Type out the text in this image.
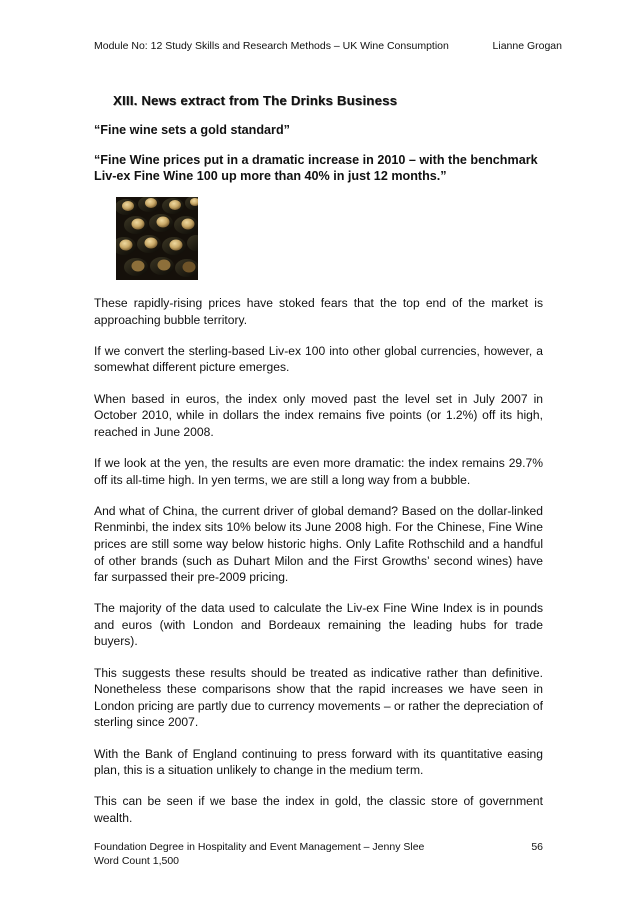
Module No: 12 Study Skills and Research Methods – UK Wine Consumption	Lianne Grogan
XIII. News extract from The Drinks Business
“Fine wine sets a gold standard”
“Fine Wine prices put in a dramatic increase in 2010 – with the benchmark Liv-ex Fine Wine 100 up more than 40% in just 12 months.”

These rapidly-rising prices have stoked fears that the top end of the market is approaching bubble territory.

If we convert the sterling-based Liv-ex 100 into other global currencies, however, a somewhat different picture emerges.

When based in euros, the index only moved past the level set in July 2007 in October 2010, while in dollars the index remains five points (or 1.2%) off its high, reached in June 2008.

If we look at the yen, the results are even more dramatic: the index remains 29.7% off its all-time high. In yen terms, we are still a long way from a bubble.

And what of China, the current driver of global demand? Based on the dollar-linked Renminbi, the index sits 10% below its June 2008 high. For the Chinese, Fine Wine prices are still some way below historic highs. Only Lafite Rothschild and a handful of other brands (such as Duhart Milon and the First Growths’ second wines) have far surpassed their pre-2009 pricing.

The majority of the data used to calculate the Liv-ex Fine Wine Index is in pounds and euros (with London and Bordeaux remaining the leading hubs for trade buyers).

This suggests these results should be treated as indicative rather than definitive. Nonetheless these comparisons show that the rapid increases we have seen in London pricing are partly due to currency movements – or rather the depreciation of sterling since 2007.

With the Bank of England continuing to press forward with its quantitative easing plan, this is a situation unlikely to change in the medium term.

This can be seen if we base the index in gold, the classic store of government wealth.

Foundation Degree in Hospitality and Event Management – Jenny Slee	56
Word Count 1,500
